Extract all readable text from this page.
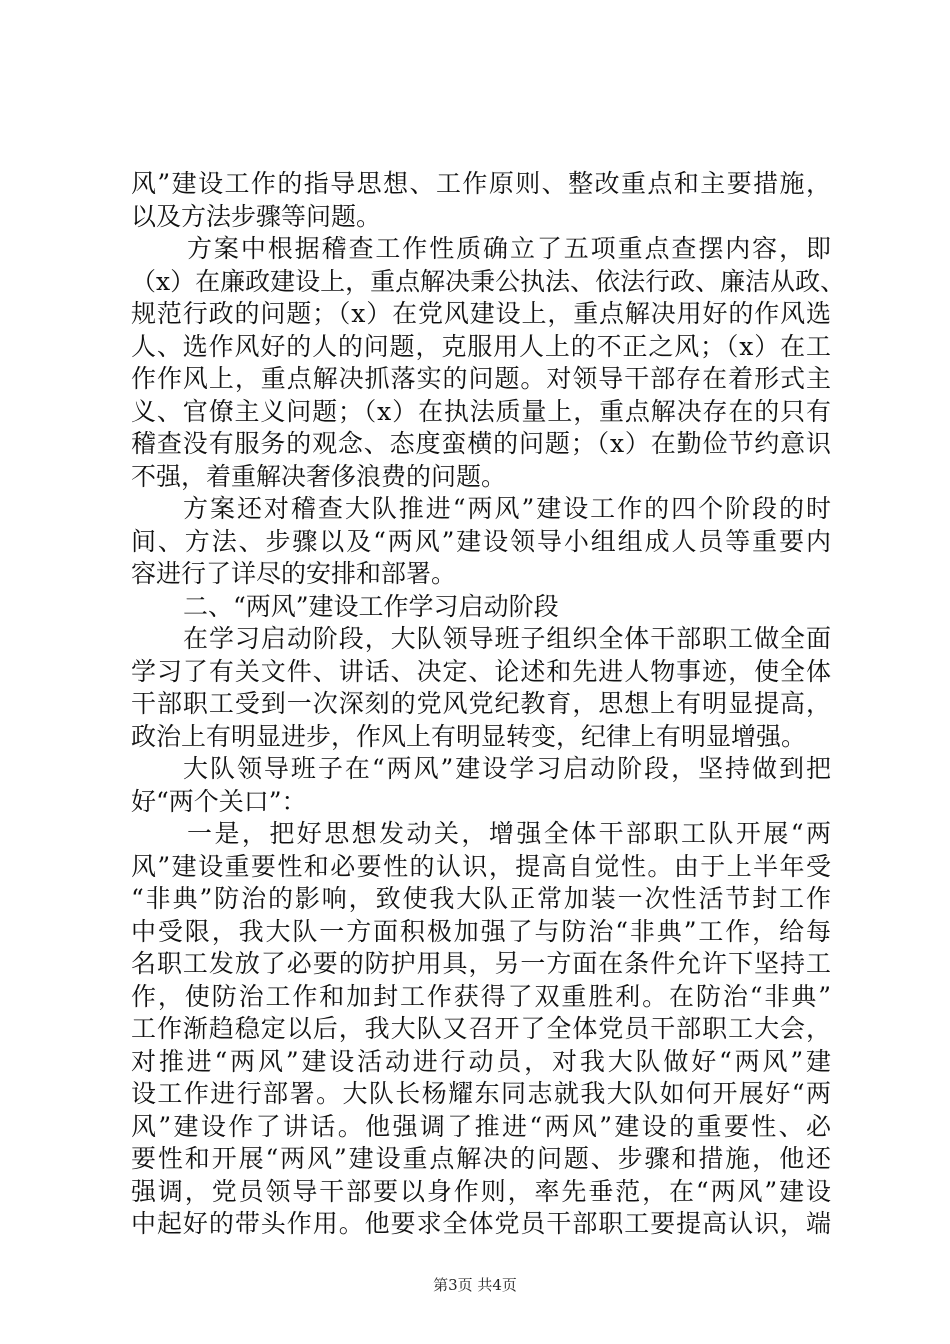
风”建设工作的指导思想、工作原则、整改重点和主要措施，
以及方法步骤等问题。
方案中根据稽查工作性质确立了五项重点查摆内容，即
（x）在廉政建设上，重点解决秉公执法、依法行政、廉洁从政、
规范行政的问题；（x）在党风建设上，重点解决用好的作风选
人、选作风好的人的问题，克服用人上的不正之风；（x）在工
作作风上，重点解决抓落实的问题。对领导干部存在着形式主
义、官僚主义问题；（x）在执法质量上，重点解决存在的只有
稽查没有服务的观念、态度蛮横的问题；（x）在勤俭节约意识
不强，着重解决奢侈浪费的问题。
方案还对稽查大队推进“两风”建设工作的四个阶段的时
间、方法、步骤以及“两风”建设领导小组组成人员等重要内
容进行了详尽的安排和部署。
二、“两风”建设工作学习启动阶段
在学习启动阶段，大队领导班子组织全体干部职工做全面
学习了有关文件、讲话、决定、论述和先进人物事迹，使全体
干部职工受到一次深刻的党风党纪教育，思想上有明显提高，
政治上有明显进步，作风上有明显转变，纪律上有明显增强。
大队领导班子在“两风”建设学习启动阶段，坚持做到把
好“两个关口”：
一是，把好思想发动关，增强全体干部职工队开展“两
风”建设重要性和必要性的认识，提高自觉性。由于上半年受
“非典”防治的影响，致使我大队正常加装一次性活节封工作
中受限，我大队一方面积极加强了与防治“非典”工作，给每
名职工发放了必要的防护用具，另一方面在条件允许下坚持工
作，使防治工作和加封工作获得了双重胜利。在防治“非典”
工作渐趋稳定以后，我大队又召开了全体党员干部职工大会，
对推进“两风”建设活动进行动员，对我大队做好“两风”建
设工作进行部署。大队长杨耀东同志就我大队如何开展好“两
风”建设作了讲话。他强调了推进“两风”建设的重要性、必
要性和开展“两风”建设重点解决的问题、步骤和措施，他还
强调，党员领导干部要以身作则，率先垂范，在“两风”建设
中起好的带头作用。他要求全体党员干部职工要提高认识，端
第3页 共4页
